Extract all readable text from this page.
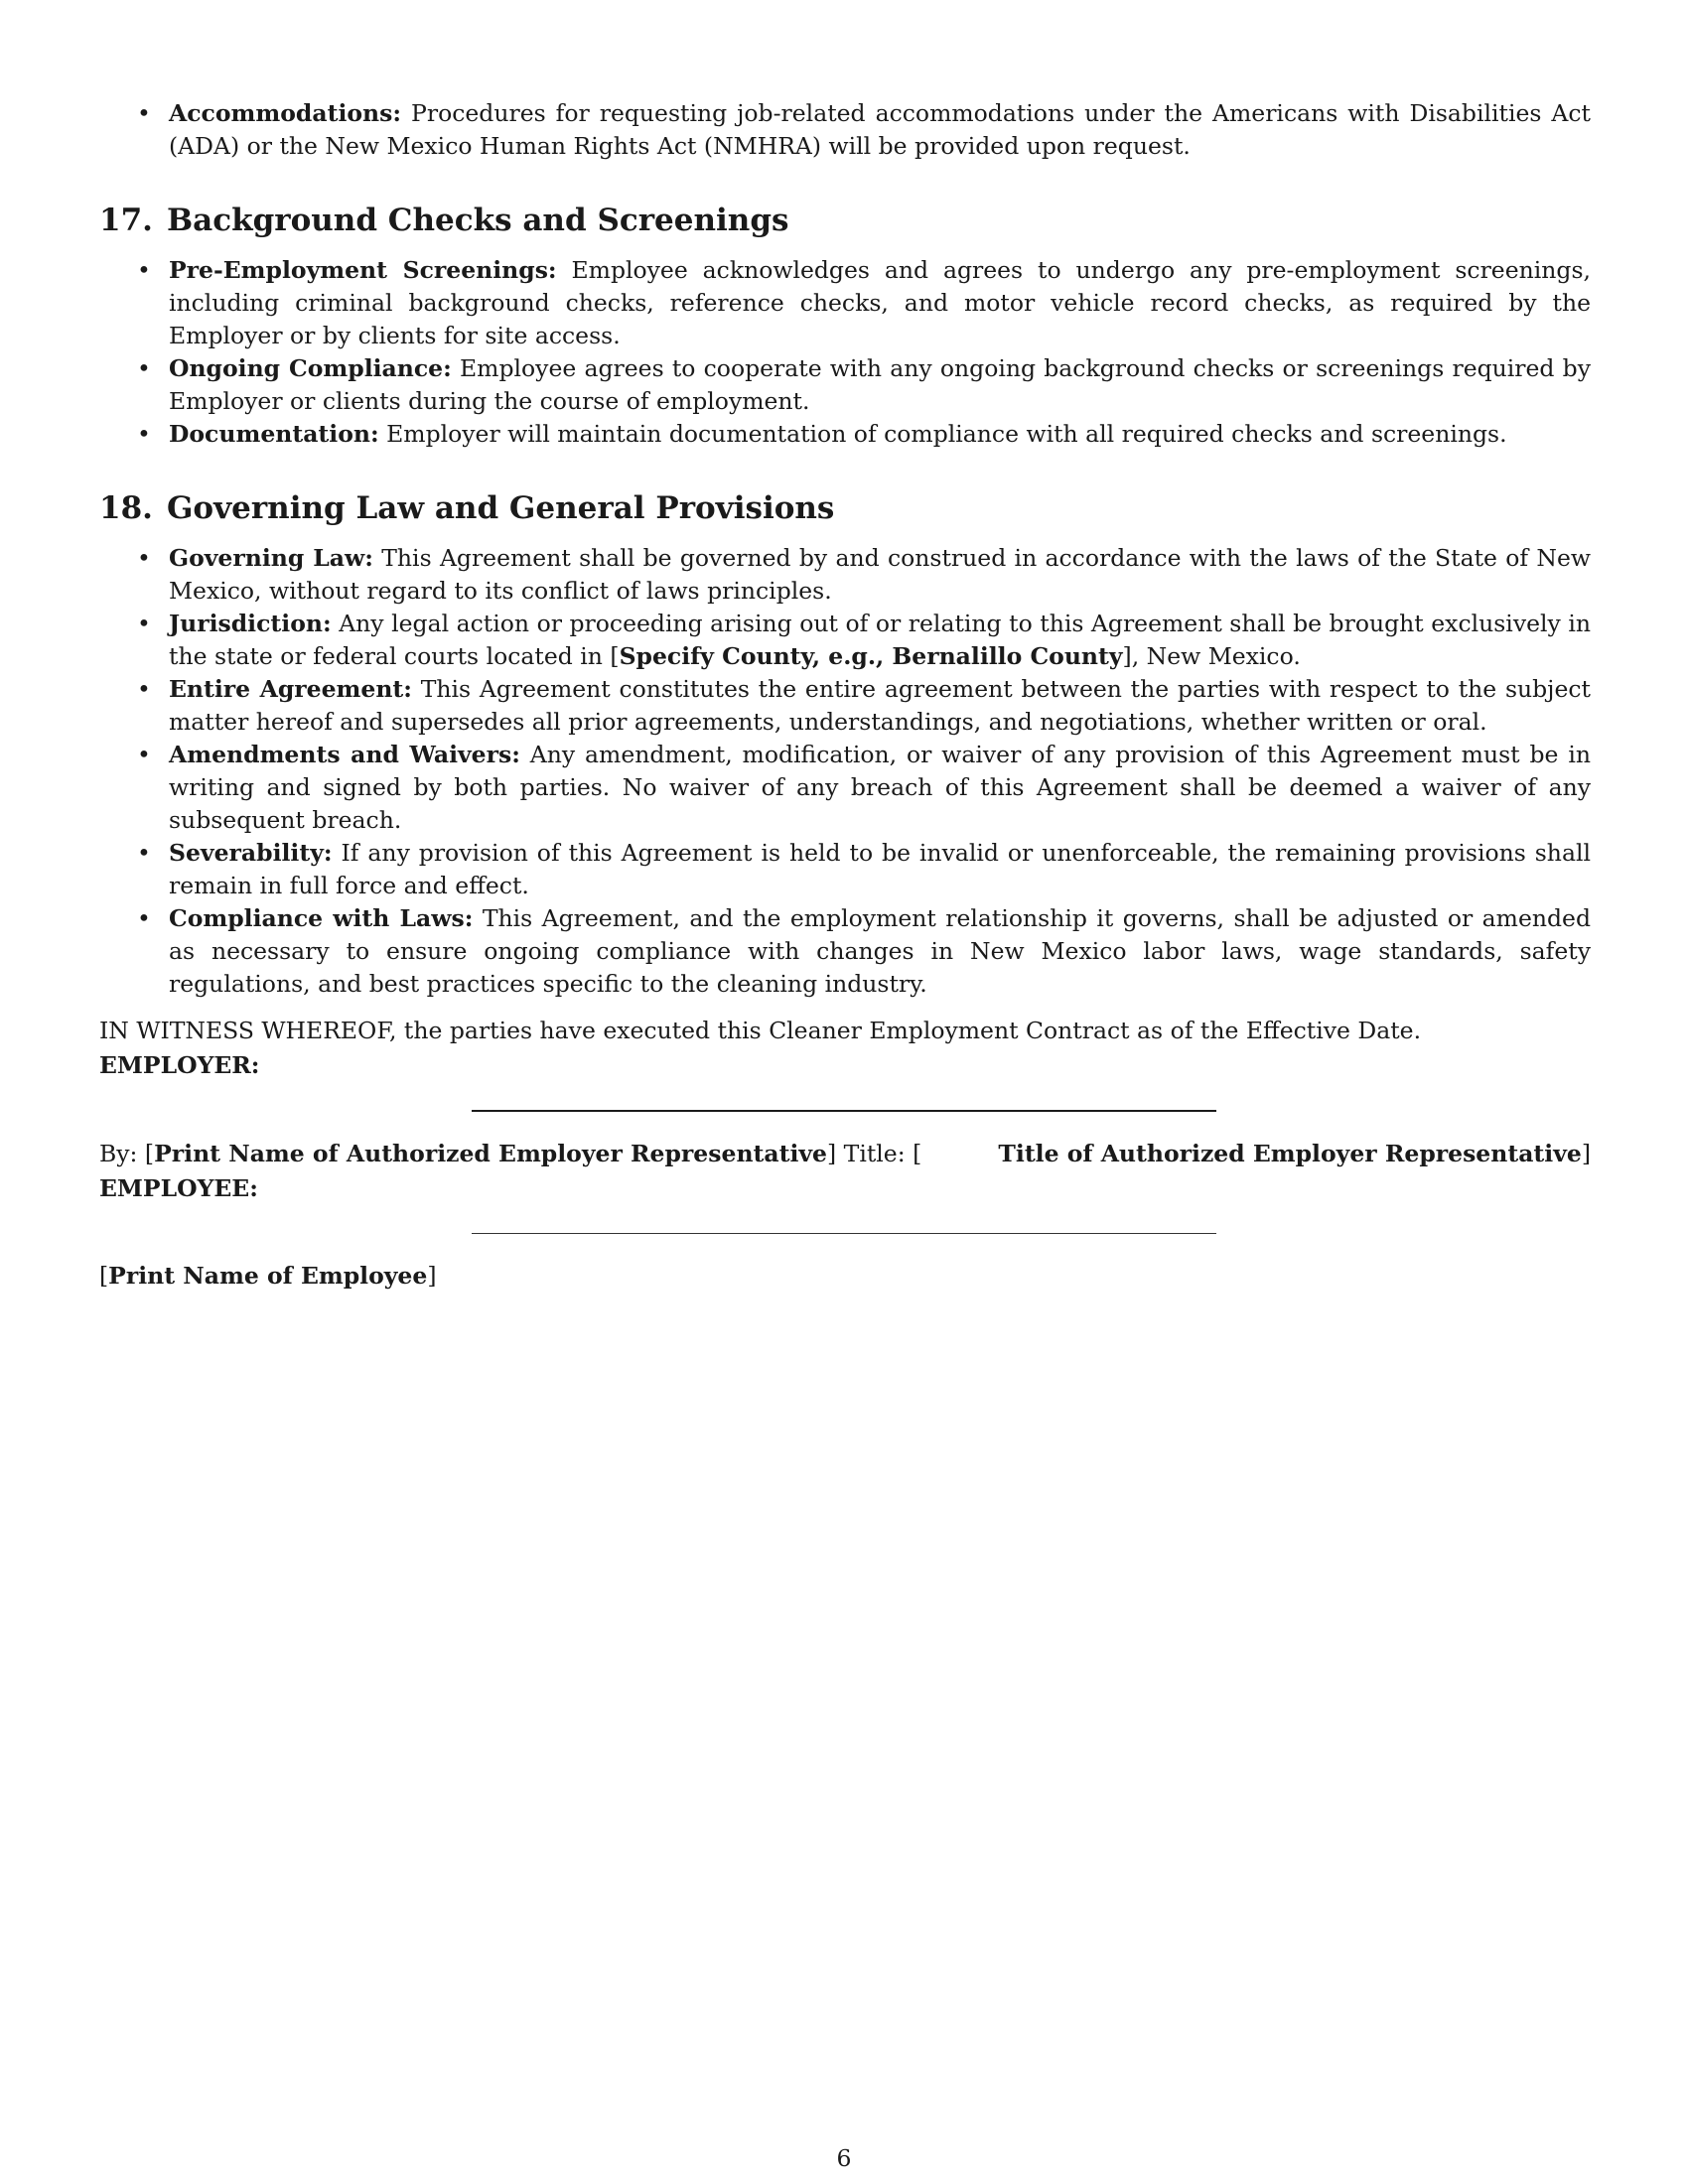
• Accommodations: Procedures for requesting job-related accommodations under the Americans with Disabilities Act (ADA) or the New Mexico Human Rights Act (NMHRA) will be provided upon request.
17. Background Checks and Screenings
• Pre-Employment Screenings: Employee acknowledges and agrees to undergo any pre-employment screenings, including criminal background checks, reference checks, and motor vehicle record checks, as required by the Employer or by clients for site access.
• Ongoing Compliance: Employee agrees to cooperate with any ongoing background checks or screenings required by Employer or clients during the course of employment.
• Documentation: Employer will maintain documentation of compliance with all required checks and screenings.
18. Governing Law and General Provisions
• Governing Law: This Agreement shall be governed by and construed in accordance with the laws of the State of New Mexico, without regard to its conflict of laws principles.
• Jurisdiction: Any legal action or proceeding arising out of or relating to this Agreement shall be brought exclusively in the state or federal courts located in [Specify County, e.g., Bernalillo County], New Mexico.
• Entire Agreement: This Agreement constitutes the entire agreement between the parties with respect to the subject matter hereof and supersedes all prior agreements, understandings, and negotiations, whether written or oral.
• Amendments and Waivers: Any amendment, modification, or waiver of any provision of this Agreement must be in writing and signed by both parties. No waiver of any breach of this Agreement shall be deemed a waiver of any subsequent breach.
• Severability: If any provision of this Agreement is held to be invalid or unenforceable, the remaining provisions shall remain in full force and effect.
• Compliance with Laws: This Agreement, and the employment relationship it governs, shall be adjusted or amended as necessary to ensure ongoing compliance with changes in New Mexico labor laws, wage standards, safety regulations, and best practices specific to the cleaning industry.
IN WITNESS WHEREOF, the parties have executed this Cleaner Employment Contract as of the Effective Date.
EMPLOYER:
By: [Print Name of Authorized Employer Representative] Title: [	Title of Authorized Employer Representative]
EMPLOYEE:
[Print Name of Employee]
6
